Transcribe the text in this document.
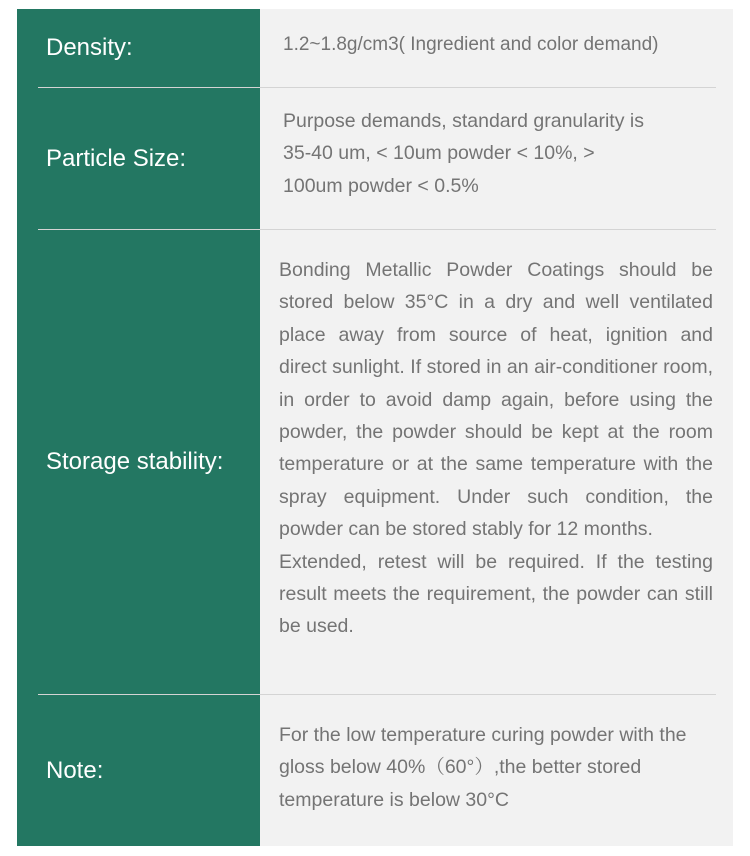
Density:	1.2~1.8g/cm3( Ingredient and color demand)
Particle Size:
Purpose demands, standard granularity is
35-40 um, < 10um powder < 10%, >
100um powder < 0.5%
Storage stability:
Bonding Metallic Powder Coatings should be stored below 35°C in a dry and well ventilated place away from source of heat, ignition and direct sunlight. If stored in an air-conditioner room, in order to avoid damp again, before using the powder, the powder should be kept at the room temperature or at the same temperature with the spray equipment. Under such condition, the powder can be stored stably for 12 months.
Extended, retest will be required. If the testing result meets the requirement, the powder can still be used.
Note:
For the low temperature curing powder with the gloss below 40%（60°）,the better stored temperature is below 30°C
